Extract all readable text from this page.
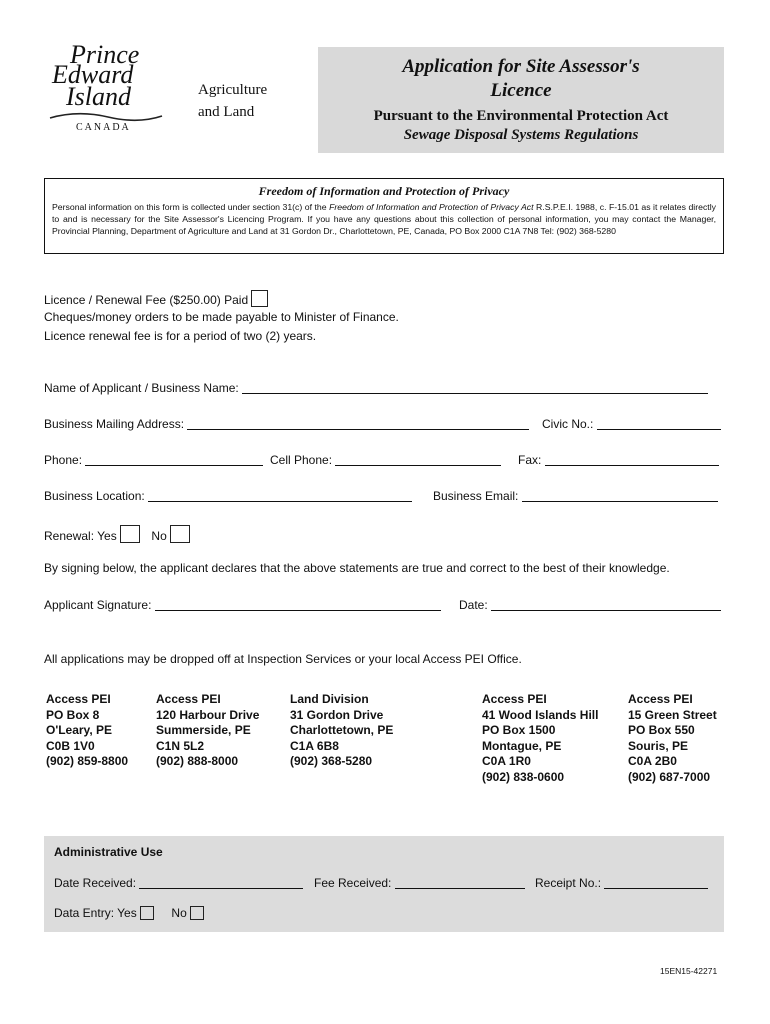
Prince
Edward
Island
CANADA
Agriculture
and Land
Application for Site Assessor's
Licence
Pursuant to the Environmental Protection Act
Sewage Disposal Systems Regulations
Freedom of Information and Protection of Privacy
Personal information on this form is collected under section 31(c) of the Freedom of Information and Protection of Privacy Act R.S.P.E.I. 1988, c. F-15.01 as it relates directly to and is necessary for the Site Assessor's Licencing Program. If you have any questions about this collection of personal information, you may contact the Manager, Provincial Planning, Department of Agriculture and Land at 31 Gordon Dr., Charlottetown, PE, Canada, PO Box 2000 C1A 7N8 Tel: (902) 368-5280
Licence / Renewal Fee ($250.00) Paid
Cheques/money orders to be made payable to Minister of Finance.
Licence renewal fee is for a period of two (2) years.
Name of Applicant / Business Name:
Business Mailing Address:	Civic No.:
Phone:	Cell Phone:	Fax:
Business Location:	Business Email:
Renewal: Yes	No
By signing below, the applicant declares that the above statements are true and correct to the best of their knowledge.
Applicant Signature:	Date:
All applications may be dropped off at Inspection Services or your local Access PEI Office.
Access PEI
PO Box 8
O'Leary, PE
C0B 1V0
(902) 859-8800
Access PEI
120 Harbour Drive
Summerside, PE
C1N 5L2
(902) 888-8000
Land Division
31 Gordon Drive
Charlottetown, PE
C1A 6B8
(902) 368-5280
Access PEI
41 Wood Islands Hill
PO Box 1500
Montague, PE
C0A 1R0
(902) 838-0600
Access PEI
15 Green Street
PO Box 550
Souris, PE
C0A 2B0
(902) 687-7000
Administrative Use
Date Received:	Fee Received:	Receipt No.:
Data Entry: Yes	No
15EN15-42271
